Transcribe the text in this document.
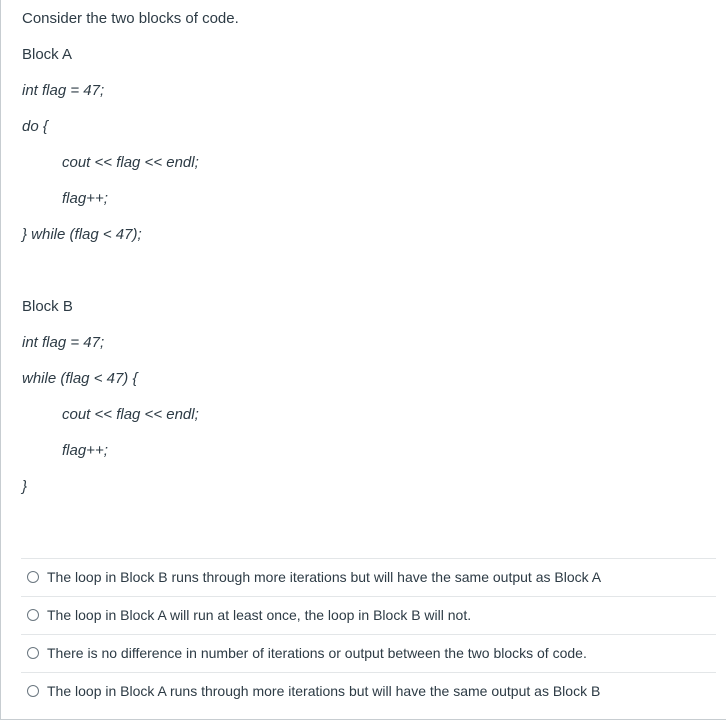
Consider the two blocks of code.
Block A
int flag = 47;
do {
cout << flag << endl;
flag++;
} while (flag < 47);
Block B
int flag = 47;
while (flag < 47) {
cout << flag << endl;
flag++;
}
The loop in Block B runs through more iterations but will have the same output as Block A
The loop in Block A will run at least once, the loop in Block B will not.
There is no difference in number of iterations or output between the two blocks of code.
The loop in Block A runs through more iterations but will have the same output as Block B
